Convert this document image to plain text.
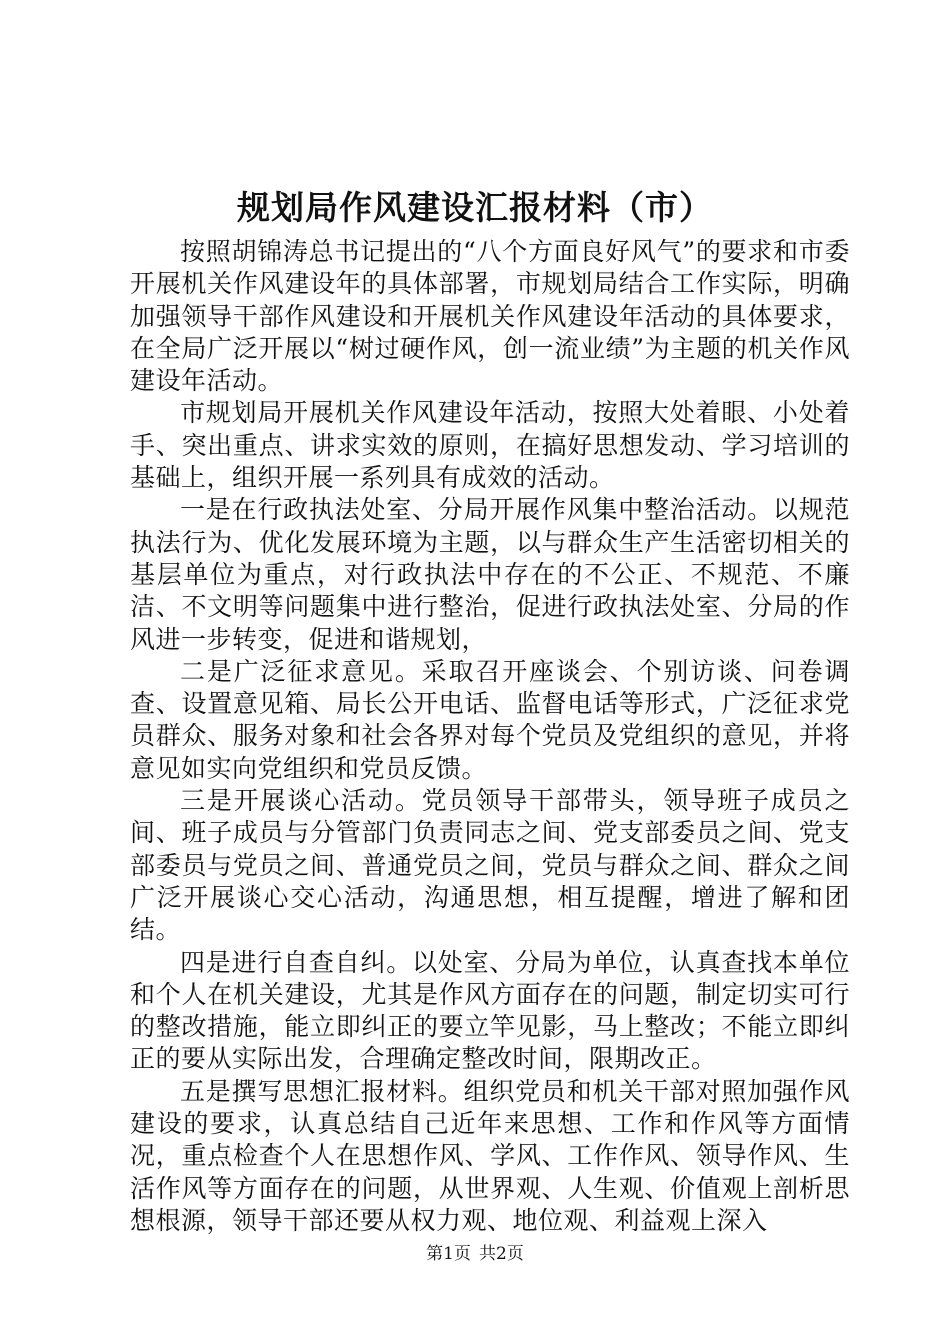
规划局作风建设汇报材料（市）

按照胡锦涛总书记提出的“八个方面良好风气”的要求和市委开展机关作风建设年的具体部署，市规划局结合工作实际，明确加强领导干部作风建设和开展机关作风建设年活动的具体要求，在全局广泛开展以“树过硬作风，创一流业绩”为主题的机关作风建设年活动。

市规划局开展机关作风建设年活动，按照大处着眼、小处着手、突出重点、讲求实效的原则，在搞好思想发动、学习培训的基础上，组织开展一系列具有成效的活动。

一是在行政执法处室、分局开展作风集中整治活动。以规范执法行为、优化发展环境为主题，以与群众生产生活密切相关的基层单位为重点，对行政执法中存在的不公正、不规范、不廉洁、不文明等问题集中进行整治，促进行政执法处室、分局的作风进一步转变，促进和谐规划，

二是广泛征求意见。采取召开座谈会、个别访谈、问卷调查、设置意见箱、局长公开电话、监督电话等形式，广泛征求党员群众、服务对象和社会各界对每个党员及党组织的意见，并将意见如实向党组织和党员反馈。

三是开展谈心活动。党员领导干部带头，领导班子成员之间、班子成员与分管部门负责同志之间、党支部委员之间、党支部委员与党员之间、普通党员之间，党员与群众之间、群众之间广泛开展谈心交心活动，沟通思想，相互提醒，增进了解和团结。

四是进行自查自纠。以处室、分局为单位，认真查找本单位和个人在机关建设，尤其是作风方面存在的问题，制定切实可行的整改措施，能立即纠正的要立竿见影，马上整改；不能立即纠正的要从实际出发，合理确定整改时间，限期改正。

五是撰写思想汇报材料。组织党员和机关干部对照加强作风建设的要求，认真总结自己近年来思想、工作和作风等方面情况，重点检查个人在思想作风、学风、工作作风、领导作风、生活作风等方面存在的问题，从世界观、人生观、价值观上剖析思想根源，领导干部还要从权力观、地位观、利益观上深入

第1页 共2页
